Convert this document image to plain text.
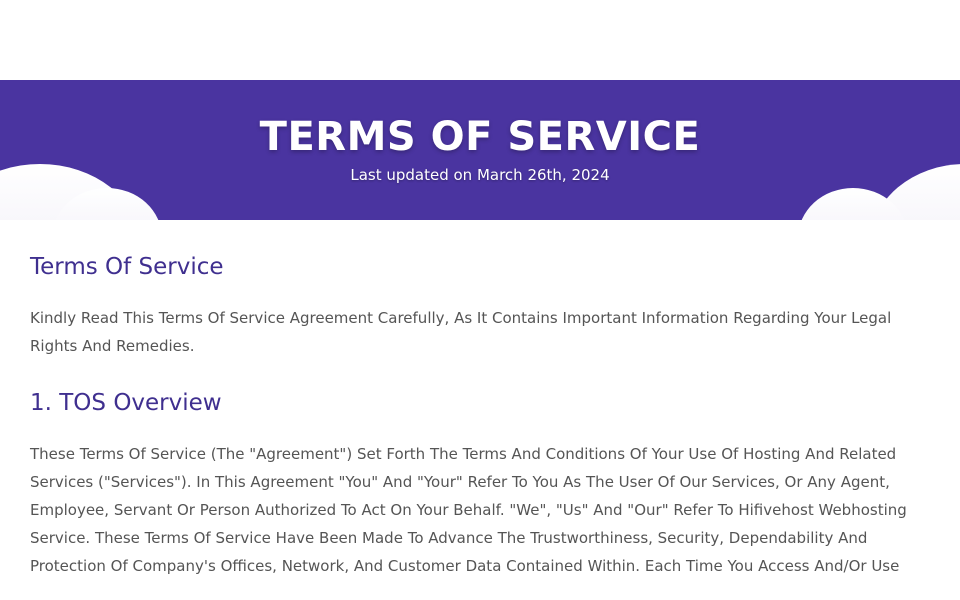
TERMS OF SERVICE

Last updated on March 26th, 2024

Terms Of Service

Kindly Read This Terms Of Service Agreement Carefully, As It Contains Important Information Regarding Your Legal Rights And Remedies.

1. TOS Overview

These Terms Of Service (The "Agreement") Set Forth The Terms And Conditions Of Your Use Of Hosting And Related Services ("Services"). In This Agreement "You" And "Your" Refer To You As The User Of Our Services, Or Any Agent, Employee, Servant Or Person Authorized To Act On Your Behalf. "We", "Us" And "Our" Refer To Hifivehost Webhosting Service. These Terms Of Service Have Been Made To Advance The Trustworthiness, Security, Dependability And Protection Of Company's Offices, Network, And Customer Data Contained Within. Each Time You Access And/Or Use
